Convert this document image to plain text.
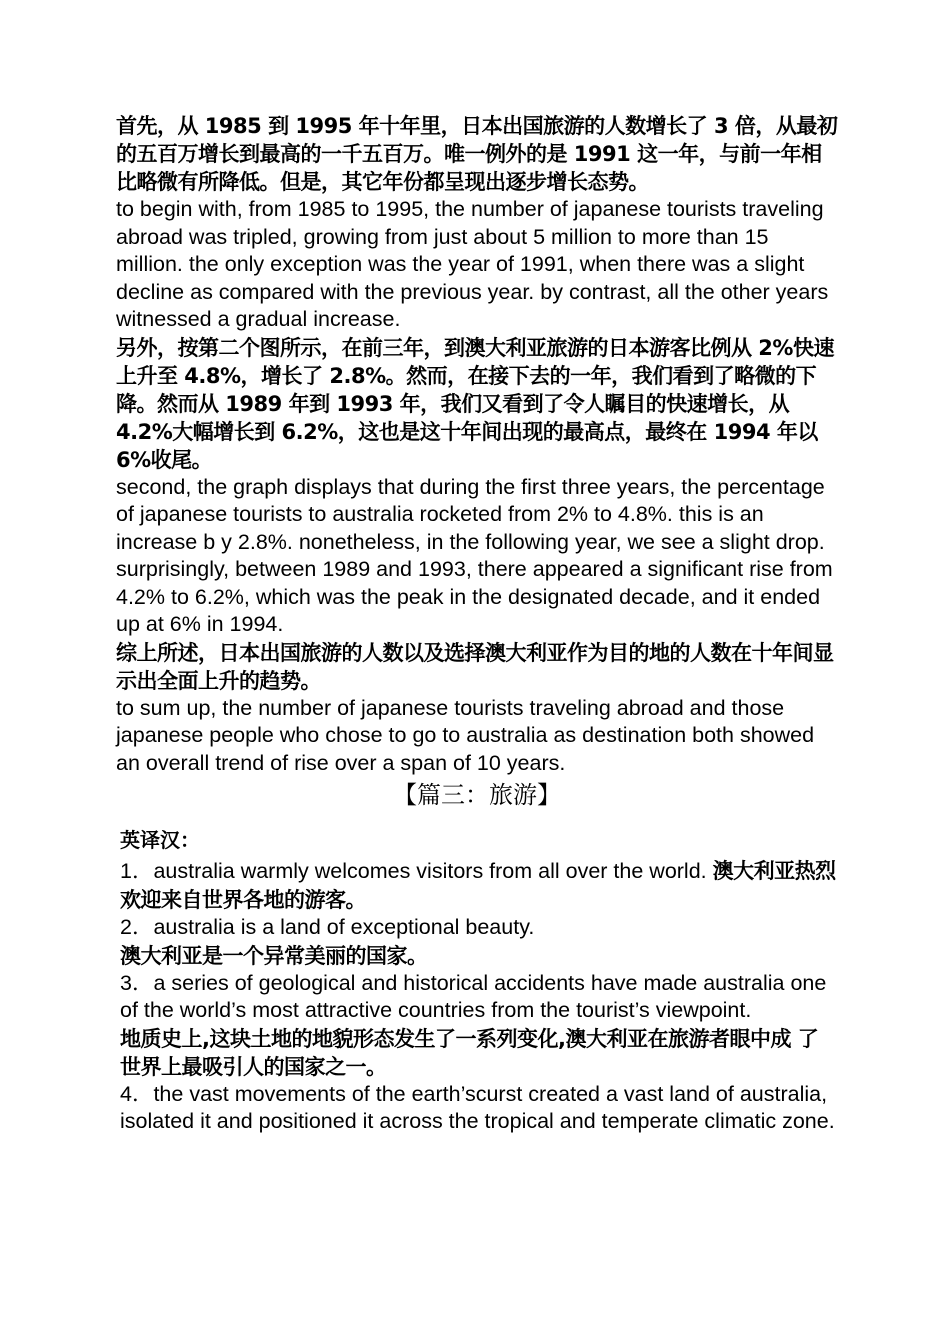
首先，从 1985 到 1995 年十年里，日本出国旅游的人数增长了 3 倍，从最初的五百万增长到最高的一千五百万。唯一例外的是 1991 这一年，与前一年相比略微有所降低。但是，其它年份都呈现出逐步增长态势。

to begin with, from 1985 to 1995, the number of japanese tourists traveling abroad was tripled, growing from just about 5 million to more than 15 million. the only exception was the year of 1991, when there was a slight decline as compared with the previous year. by contrast, all the other years witnessed a gradual increase.

另外，按第二个图所示，在前三年，到澳大利亚旅游的日本游客比例从 2%快速上升至 4.8%，增长了 2.8%。然而，在接下去的一年，我们看到了略微的下降。然而从 1989 年到 1993 年，我们又看到了令人瞩目的快速增长，从 4.2%大幅增长到 6.2%，这也是这十年间出现的最高点，最终在 1994 年以 6%收尾。

second, the graph displays that during the first three years, the percentage of japanese tourists to australia rocketed from 2% to 4.8%. this is an increase b y 2.8%. nonetheless, in the following year, we see a slight drop. surprisingly, between 1989 and 1993, there appeared a significant rise from 4.2% to 6.2%, which was the peak in the designated decade, and it ended up at 6% in 1994.

综上所述，日本出国旅游的人数以及选择澳大利亚作为目的地的人数在十年间显示出全面上升的趋势。

to sum up, the number of japanese tourists traveling abroad and those japanese people who chose to go to australia as destination both showed an overall trend of rise over a span of 10 years.

【篇三：旅游】
英译汉：

1．australia warmly welcomes visitors from all over the world. 澳大利亚热烈欢迎来自世界各地的游客。

2．australia is a land of exceptional beauty.

澳大利亚是一个异常美丽的国家。

3．a series of geological and historical accidents have made australia one of the world’s most attractive countries from the tourist’s viewpoint.

地质史上,这块土地的地貌形态发生了一系列变化,澳大利亚在旅游者眼中成 了世界上最吸引人的国家之一。

4．the vast movements of the earth’scurst created a vast land of australia, isolated it and positioned it across the tropical and temperate climatic zone.
